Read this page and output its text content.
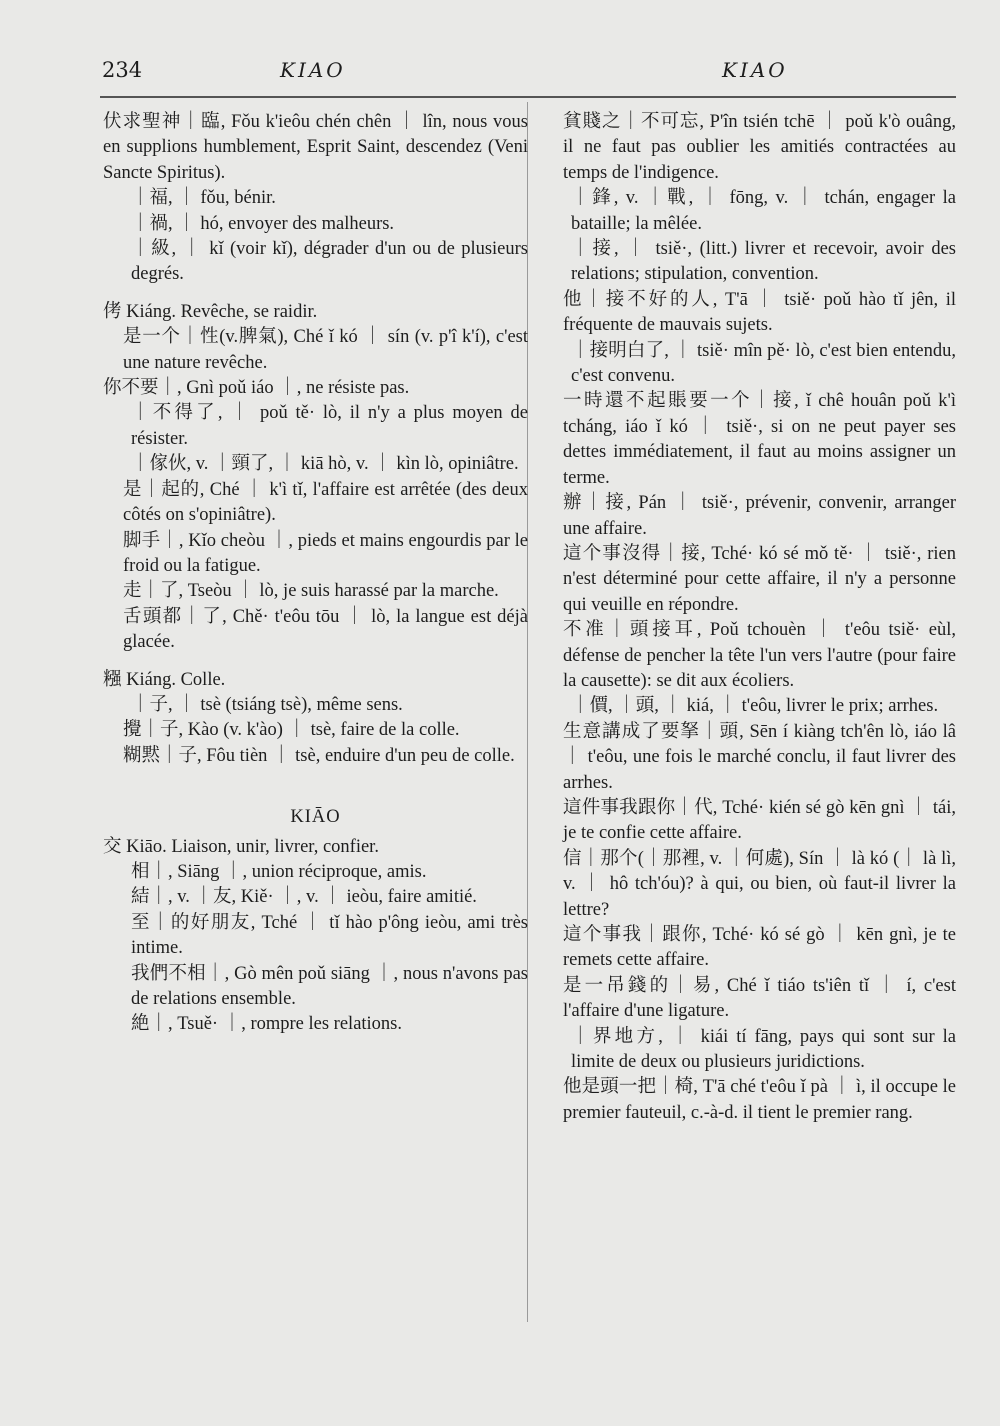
234	KIAO	KIAO

伏求聖神｜臨, Fǒu k'ieôu chén chên ｜ lîn, nous vous en supplions humblement, Esprit Saint, descendez (Veni Sancte Spiritus).

｜福, ｜ fǒu, bénir.

｜禍, ｜ hó, envoyer des malheurs.

｜級, ｜ kǐ (voir kǐ), dégrader d'un ou de plusieurs degrés.

侤 Kiáng. Revêche, se raidir.

是一个｜性(v.脾氣), Ché ǐ kó ｜ sín (v. p'î k'í), c'est une nature revêche.

你不要｜, Gnì poǔ iáo ｜, ne résiste pas.

｜不得了, ｜ poǔ tě· lò, il n'y a plus moyen de résister.

｜傢伙, v. ｜頸了, ｜ kiā hò, v. ｜ kìn lò, opiniâtre.

是｜起的, Ché ｜ k'ì tǐ, l'affaire est arrêtée (des deux côtés on s'opiniâtre).

脚手｜, Kǐo cheòu ｜, pieds et mains engourdis par le froid ou la fatigue.

走｜了, Tseòu ｜ lò, je suis harassé par la marche.

舌頭都｜了, Chě· t'eôu tōu ｜ lò, la langue est déjà glacée.

糨 Kiáng. Colle.

｜子, ｜ tsè (tsiáng tsè), même sens.

攪｜子, Kào (v. k'ào) ｜ tsè, faire de la colle.

糊黙｜子, Fôu tièn ｜ tsè, enduire d'un peu de colle.

KIĀO

交 Kiāo. Liaison, unir, livrer, confier.

相｜, Siāng ｜, union réciproque, amis.

結｜, v. ｜友, Kiě· ｜, v. ｜ ieòu, faire amitié.

至｜的好朋友, Tché ｜ tǐ hào p'ông ieòu, ami très intime.

我們不相｜, Gò mên poǔ siāng ｜, nous n'avons pas de relations ensemble.

絶｜, Tsuě· ｜, rompre les relations.

貧賤之｜不可忘, P'în tsién tchē ｜ poǔ k'ò ouâng, il ne faut pas oublier les amitiés contractées au temps de l'indigence.

｜鋒, v. ｜戰, ｜ fōng, v. ｜ tchán, engager la bataille; la mêlée.

｜接, ｜ tsiě·, (litt.) livrer et recevoir, avoir des relations; stipulation, convention.

他｜接不好的人, T'ā ｜ tsiě· poǔ hào tǐ jên, il fréquente de mauvais sujets.

｜接明白了, ｜ tsiě· mîn pě· lò, c'est bien entendu, c'est convenu.

一時還不起賬要一个｜接, ǐ chê houân poǔ k'ì tcháng, iáo ǐ kó ｜ tsiě·, si on ne peut payer ses dettes immédiatement, il faut au moins assigner un terme.

辦｜接, Pán ｜ tsiě·, prévenir, convenir, arranger une affaire.

這个事沒得｜接, Tché· kó sé mǒ tě· ｜ tsiě·, rien n'est déterminé pour cette affaire, il n'y a personne qui veuille en répondre.

不准｜頭接耳, Poǔ tchouèn ｜ t'eôu tsiě· eùl, défense de pencher la tête l'un vers l'autre (pour faire la causette): se dit aux écoliers.

｜價, ｜頭, ｜ kiá, ｜ t'eôu, livrer le prix; arrhes.

生意講成了要拏｜頭, Sēn í kiàng tch'ên lò, iáo lâ ｜ t'eôu, une fois le marché conclu, il faut livrer des arrhes.

這件事我跟你｜代, Tché· kién sé gò kēn gnì ｜ tái, je te confie cette affaire.

信｜那个(｜那裡, v. ｜何處), Sín ｜ là kó (｜ là lì, v. ｜ hô tch'óu)? à qui, ou bien, où faut-il livrer la lettre?

這个事我｜跟你, Tché· kó sé gò ｜ kēn gnì, je te remets cette affaire.

是一吊錢的｜易, Ché ǐ tiáo ts'iên tǐ ｜ í, c'est l'affaire d'une ligature.

｜界地方, ｜ kiái tí fāng, pays qui sont sur la limite de deux ou plusieurs juridictions.

他是頭一把｜椅, T'ā ché t'eôu ǐ pà ｜ ì, il occupe le premier fauteuil, c.-à-d. il tient le premier rang.
